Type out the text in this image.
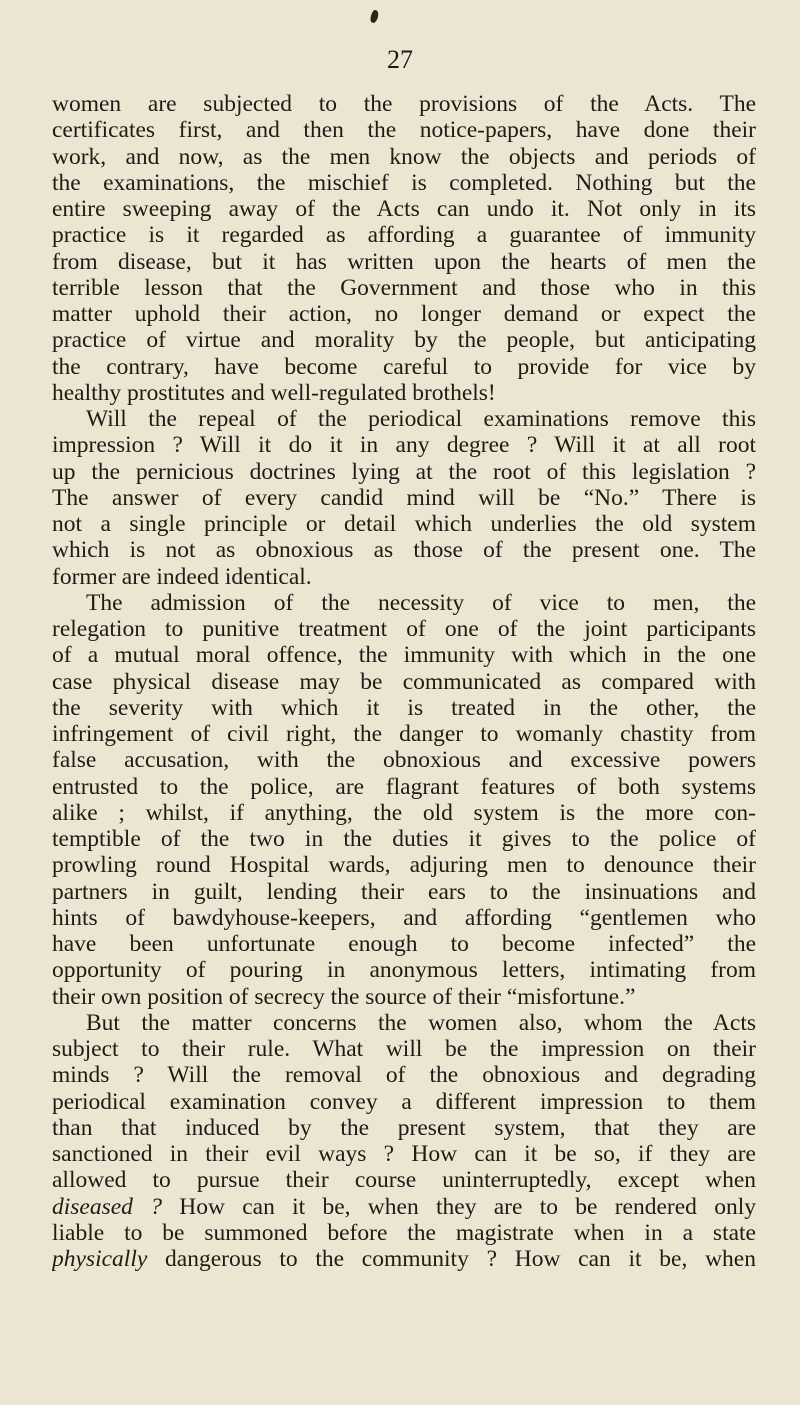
27
women are subjected to the provisions of the Acts. The
certificates first, and then the notice-papers, have done their
work, and now, as the men know the objects and periods of
the examinations, the mischief is completed. Nothing but the
entire sweeping away of the Acts can undo it. Not only in its
practice is it regarded as affording a guarantee of immunity
from disease, but it has written upon the hearts of men the
terrible lesson that the Government and those who in this
matter uphold their action, no longer demand or expect the
practice of virtue and morality by the people, but anticipating
the contrary, have become careful to provide for vice by
healthy prostitutes and well-regulated brothels!
Will the repeal of the periodical examinations remove this
impression ? Will it do it in any degree ? Will it at all root
up the pernicious doctrines lying at the root of this legislation ?
The answer of every candid mind will be “No.” There is
not a single principle or detail which underlies the old system
which is not as obnoxious as those of the present one. The
former are indeed identical.
The admission of the necessity of vice to men, the
relegation to punitive treatment of one of the joint participants
of a mutual moral offence, the immunity with which in the one
case physical disease may be communicated as compared with
the severity with which it is treated in the other, the
infringement of civil right, the danger to womanly chastity from
false accusation, with the obnoxious and excessive powers
entrusted to the police, are flagrant features of both systems
alike ; whilst, if anything, the old system is the more con-
temptible of the two in the duties it gives to the police of
prowling round Hospital wards, adjuring men to denounce their
partners in guilt, lending their ears to the insinuations and
hints of bawdyhouse-keepers, and affording “gentlemen who
have been unfortunate enough to become infected” the
opportunity of pouring in anonymous letters, intimating from
their own position of secrecy the source of their “misfortune.”
But the matter concerns the women also, whom the Acts
subject to their rule. What will be the impression on their
minds ? Will the removal of the obnoxious and degrading
periodical examination convey a different impression to them
than that induced by the present system, that they are
sanctioned in their evil ways ? How can it be so, if they are
allowed to pursue their course uninterruptedly, except when
diseased ? How can it be, when they are to be rendered only
liable to be summoned before the magistrate when in a state
physically dangerous to the community ? How can it be, when
